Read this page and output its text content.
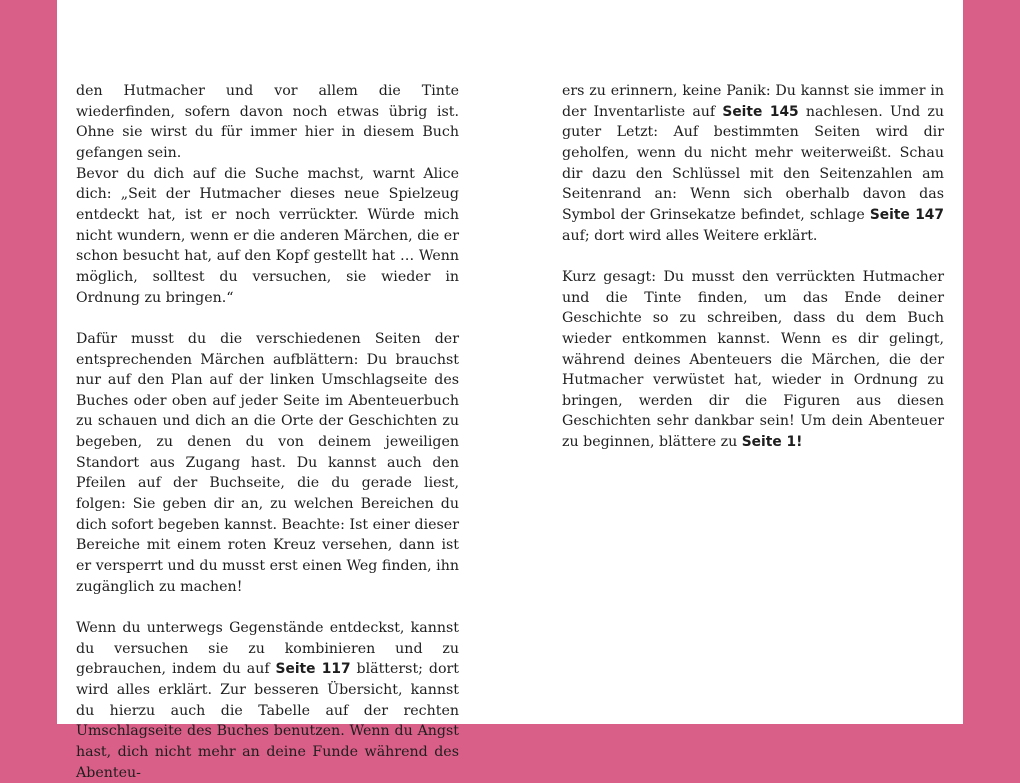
den Hutmacher und vor allem die Tinte wiederfinden, sofern davon noch etwas übrig ist. Ohne sie wirst du für immer hier in diesem Buch gefangen sein.

Bevor du dich auf die Suche machst, warnt Alice dich: „Seit der Hutmacher dieses neue Spielzeug entdeckt hat, ist er noch verrückter. Würde mich nicht wundern, wenn er die anderen Märchen, die er schon besucht hat, auf den Kopf gestellt hat … Wenn möglich, solltest du versuchen, sie wieder in Ordnung zu bringen.“

Dafür musst du die verschiedenen Seiten der entsprechenden Märchen aufblättern: Du brauchst nur auf den Plan auf der linken Umschlagseite des Buches oder oben auf jeder Seite im Abenteuerbuch zu schauen und dich an die Orte der Geschichten zu begeben, zu denen du von deinem jeweiligen Standort aus Zugang hast. Du kannst auch den Pfeilen auf der Buchseite, die du gerade liest, folgen: Sie geben dir an, zu welchen Bereichen du dich sofort begeben kannst. Beachte: Ist einer dieser Bereiche mit einem roten Kreuz versehen, dann ist er versperrt und du musst erst einen Weg finden, ihn zugänglich zu machen!

Wenn du unterwegs Gegenstände entdeckst, kannst du versuchen sie zu kombinieren und zu gebrauchen, indem du auf Seite 117 blätterst; dort wird alles erklärt. Zur besseren Übersicht, kannst du hierzu auch die Tabelle auf der rechten Umschlagseite des Buches benutzen. Wenn du Angst hast, dich nicht mehr an deine Funde während des Abenteu-

ers zu erinnern, keine Panik: Du kannst sie immer in der Inventarliste auf Seite 145 nachlesen. Und zu guter Letzt: Auf bestimmten Seiten wird dir geholfen, wenn du nicht mehr weiterweißt. Schau dir dazu den Schlüssel mit den Seitenzahlen am Seitenrand an: Wenn sich oberhalb davon das Symbol der Grinsekatze befindet, schlage Seite 147 auf; dort wird alles Weitere erklärt.

Kurz gesagt: Du musst den verrückten Hutmacher und die Tinte finden, um das Ende deiner Geschichte so zu schreiben, dass du dem Buch wieder entkommen kannst. Wenn es dir gelingt, während deines Abenteuers die Märchen, die der Hutmacher verwüstet hat, wieder in Ordnung zu bringen, werden dir die Figuren aus diesen Geschichten sehr dankbar sein! Um dein Abenteuer zu beginnen, blättere zu Seite 1!
